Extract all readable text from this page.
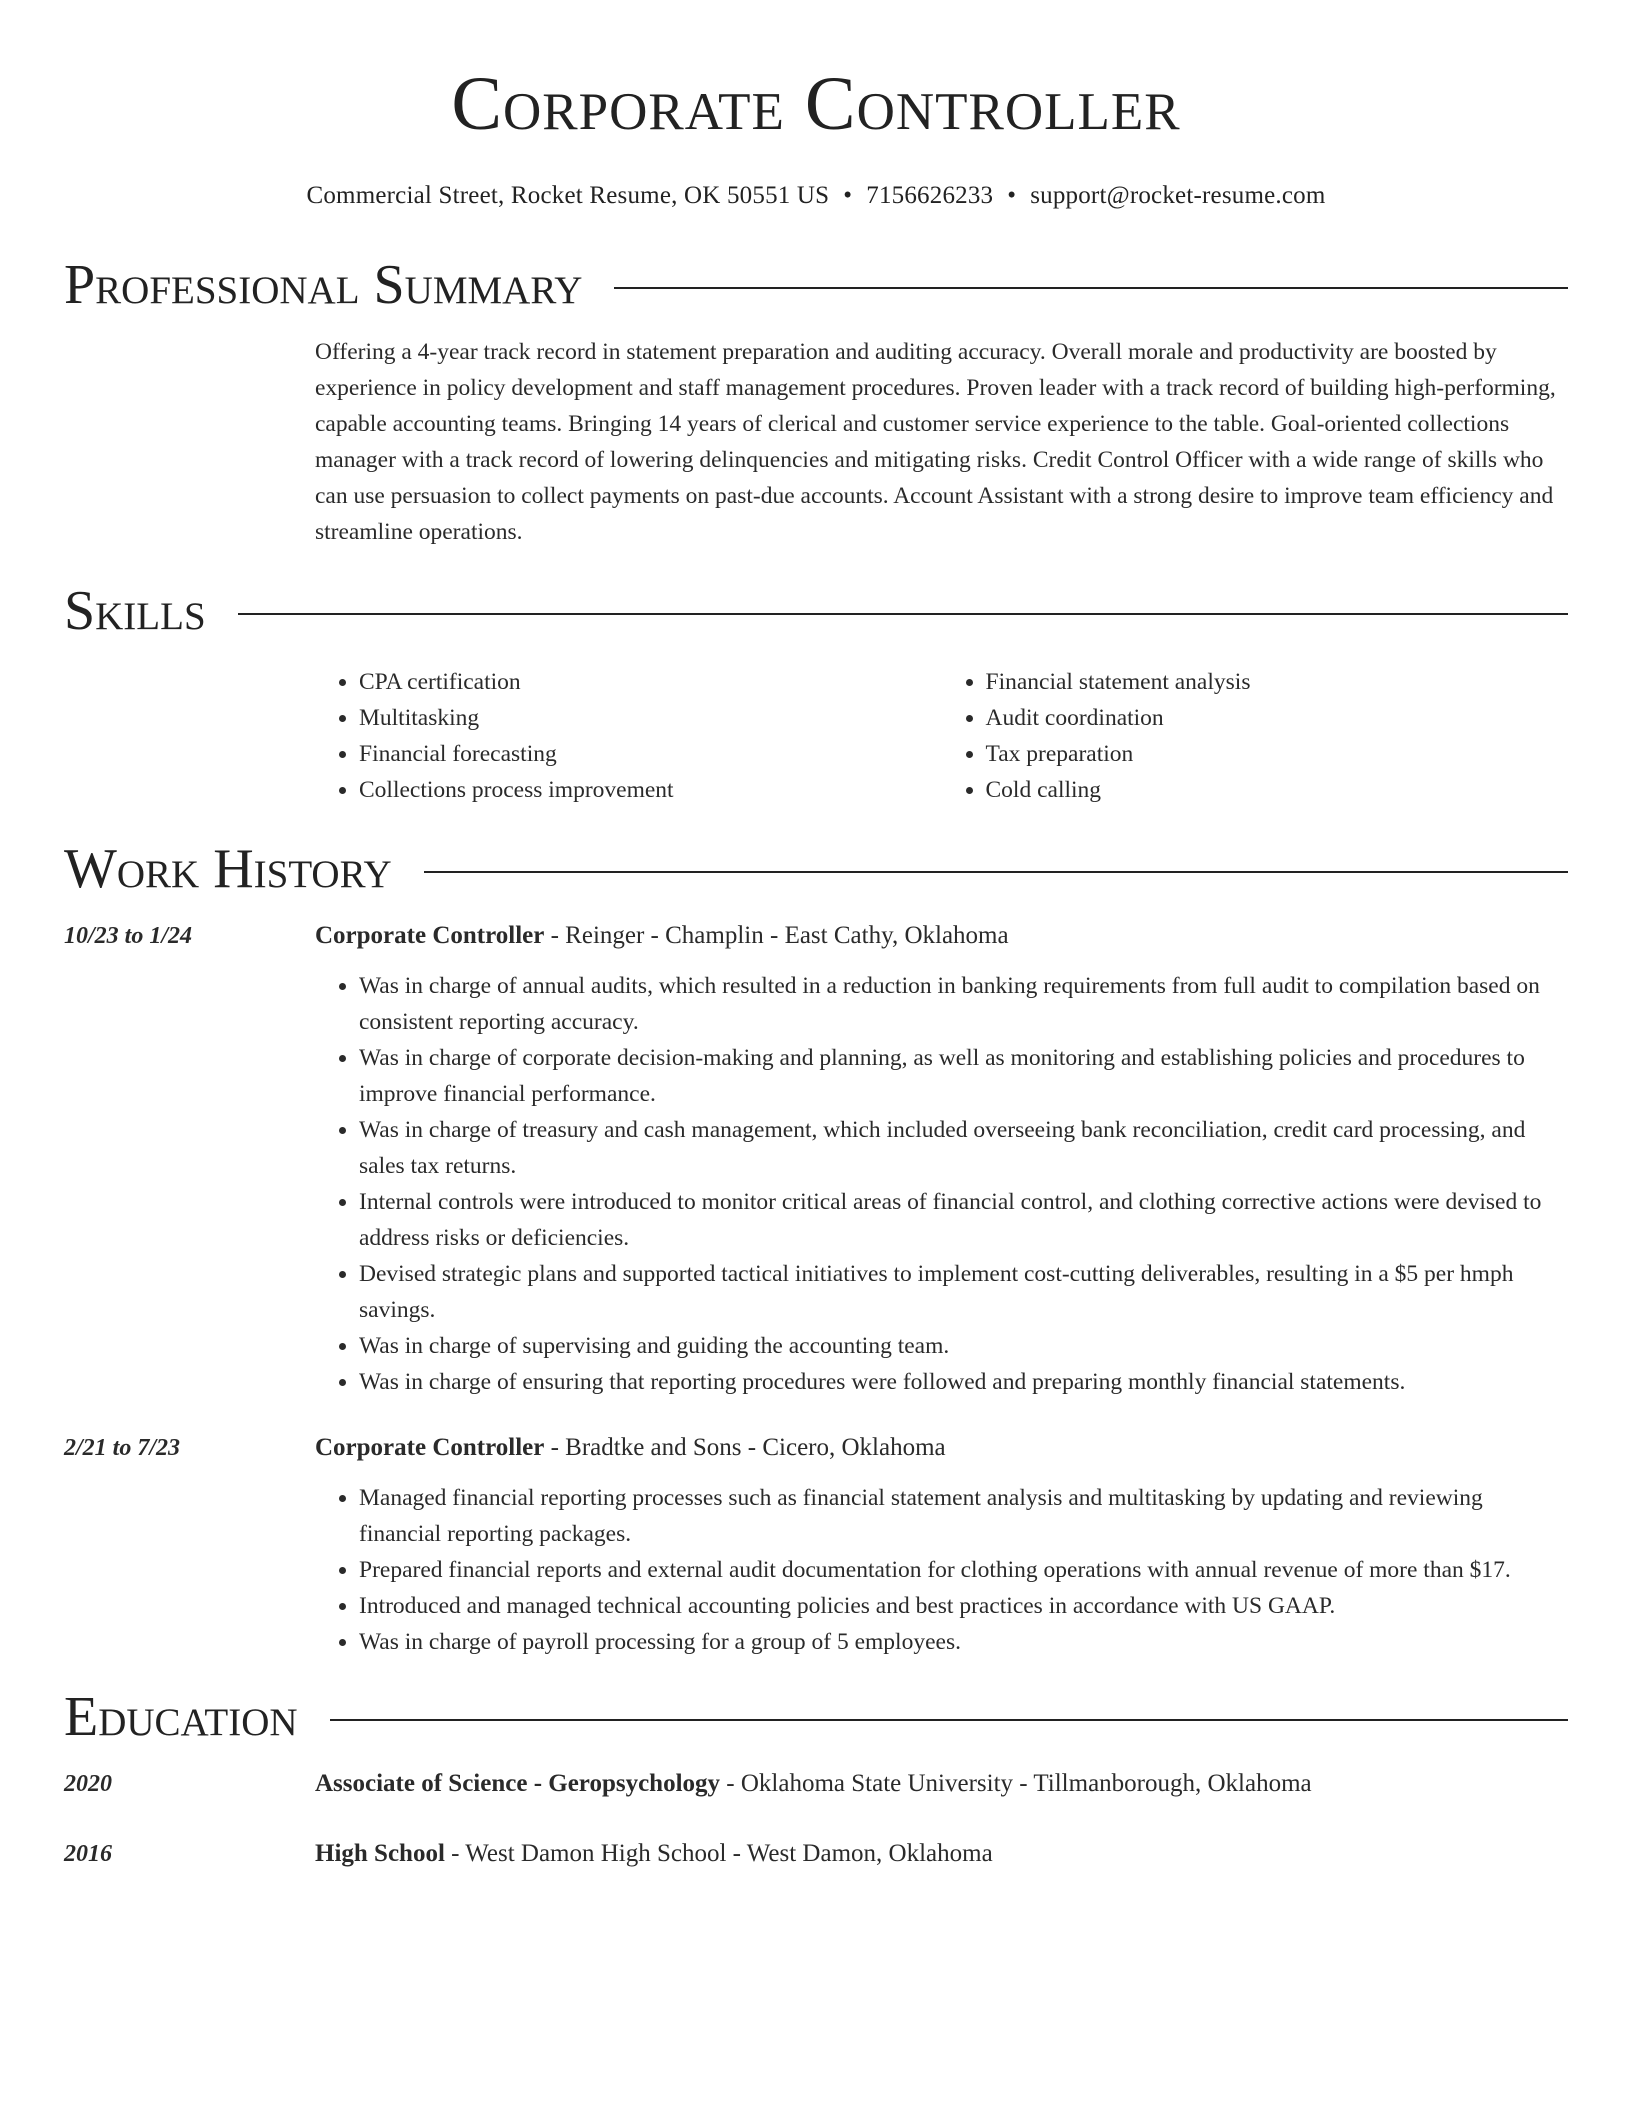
Corporate Controller
Commercial Street, Rocket Resume, OK 50551 US • 7156626233 • support@rocket-resume.com
Professional Summary

Offering a 4-year track record in statement preparation and auditing accuracy. Overall morale and productivity are boosted by experience in policy development and staff management procedures. Proven leader with a track record of building high-performing, capable accounting teams. Bringing 14 years of clerical and customer service experience to the table. Goal-oriented collections manager with a track record of lowering delinquencies and mitigating risks. Credit Control Officer with a wide range of skills who can use persuasion to collect payments on past-due accounts. Account Assistant with a strong desire to improve team efficiency and streamline operations.

Skills
• CPA certification
• Multitasking
• Financial forecasting
• Collections process improvement
• Financial statement analysis
• Audit coordination
• Tax preparation
• Cold calling
Work History
10/23 to 1/24	Corporate Controller - Reinger - Champlin - East Cathy, Oklahoma
• Was in charge of annual audits, which resulted in a reduction in banking requirements from full audit to compilation based on consistent reporting accuracy.
• Was in charge of corporate decision-making and planning, as well as monitoring and establishing policies and procedures to improve financial performance.
• Was in charge of treasury and cash management, which included overseeing bank reconciliation, credit card processing, and sales tax returns.
• Internal controls were introduced to monitor critical areas of financial control, and clothing corrective actions were devised to address risks or deficiencies.
• Devised strategic plans and supported tactical initiatives to implement cost-cutting deliverables, resulting in a $5 per hmph savings.
• Was in charge of supervising and guiding the accounting team.
• Was in charge of ensuring that reporting procedures were followed and preparing monthly financial statements.
2/21 to 7/23	Corporate Controller - Bradtke and Sons - Cicero, Oklahoma
• Managed financial reporting processes such as financial statement analysis and multitasking by updating and reviewing financial reporting packages.
• Prepared financial reports and external audit documentation for clothing operations with annual revenue of more than $17.
• Introduced and managed technical accounting policies and best practices in accordance with US GAAP.
• Was in charge of payroll processing for a group of 5 employees.
Education
2020	Associate of Science - Geropsychology - Oklahoma State University - Tillmanborough, Oklahoma
2016	High School - West Damon High School - West Damon, Oklahoma
